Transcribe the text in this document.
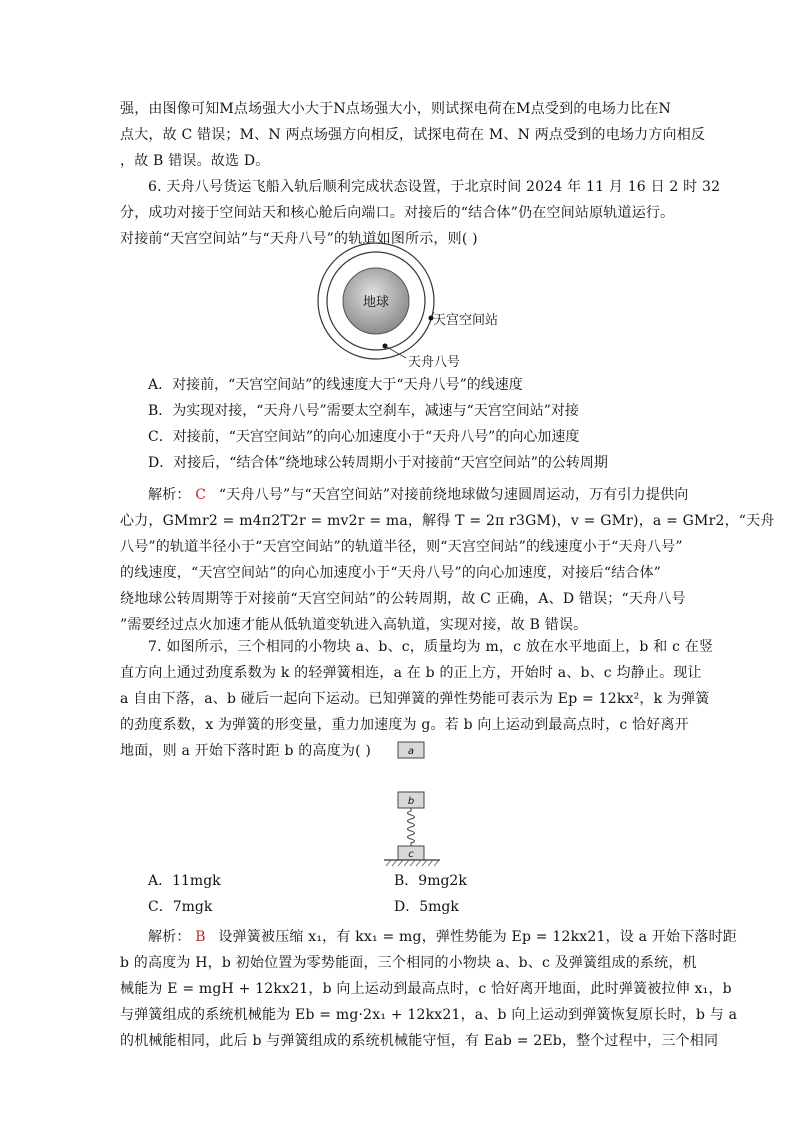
强，由图像可知M点场强大小大于N点场强大小，则试探电荷在M点受到的电场力比在N
点大，故 C 错误；M、N 两点场强方向相反，试探电荷在 M、N 两点受到的电场力方向相反
，故 B 错误。故选 D。
6. 天舟八号货运飞船入轨后顺利完成状态设置，于北京时间 2024 年 11 月 16 日 2 时 32
分，成功对接于空间站天和核心舱后向端口。对接后的“结合体”仍在空间站原轨道运行。
对接前“天宫空间站”与“天舟八号”的轨道如图所示，则( )
地球
天宫空间站
天舟八号
A．对接前，“天宫空间站”的线速度大于“天舟八号”的线速度
B．为实现对接，“天舟八号”需要太空刹车，减速与“天宫空间站”对接
C．对接前，“天宫空间站”的向心加速度小于“天舟八号”的向心加速度
D．对接后，“结合体”绕地球公转周期小于对接前“天宫空间站”的公转周期
解析： C “天舟八号”与“天宫空间站”对接前绕地球做匀速圆周运动，万有引力提供向
心力，GMmr2 = m4π2T2r = mv2r = ma，解得 T = 2π r3GM)，v = GMr)，a = GMr2，“天舟
八号”的轨道半径小于“天宫空间站”的轨道半径，则“天宫空间站”的线速度小于“天舟八号”
的线速度，“天宫空间站”的向心加速度小于“天舟八号”的向心加速度，对接后“结合体”
绕地球公转周期等于对接前“天宫空间站”的公转周期，故 C 正确，A、D 错误；“天舟八号
”需要经过点火加速才能从低轨道变轨进入高轨道，实现对接，故 B 错误。
7. 如图所示，三个相同的小物块 a、b、c，质量均为 m，c 放在水平地面上，b 和 c 在竖
直方向上通过劲度系数为 k 的轻弹簧相连，a 在 b 的正上方，开始时 a、b、c 均静止。现让
a 自由下落，a、b 碰后一起向下运动。已知弹簧的弹性势能可表示为 Ep = 12kx²，k 为弹簧
的劲度系数，x 为弹簧的形变量，重力加速度为 g。若 b 向上运动到最高点时，c 恰好离开
地面，则 a 开始下落时距 b 的高度为( )	a
b
c
A．11mgk	B．9mg2k
C．7mgk	D．5mgk
解析： B 设弹簧被压缩 x₁，有 kx₁ = mg，弹性势能为 Ep = 12kx21，设 a 开始下落时距
b 的高度为 H，b 初始位置为零势能面，三个相同的小物块 a、b、c 及弹簧组成的系统，机
械能为 E = mgH + 12kx21，b 向上运动到最高点时，c 恰好离开地面，此时弹簧被拉伸 x₁，b
与弹簧组成的系统机械能为 Eb = mg·2x₁ + 12kx21，a、b 向上运动到弹簧恢复原长时，b 与 a
的机械能相同，此后 b 与弹簧组成的系统机械能守恒，有 Eab = 2Eb，整个过程中，三个相同
